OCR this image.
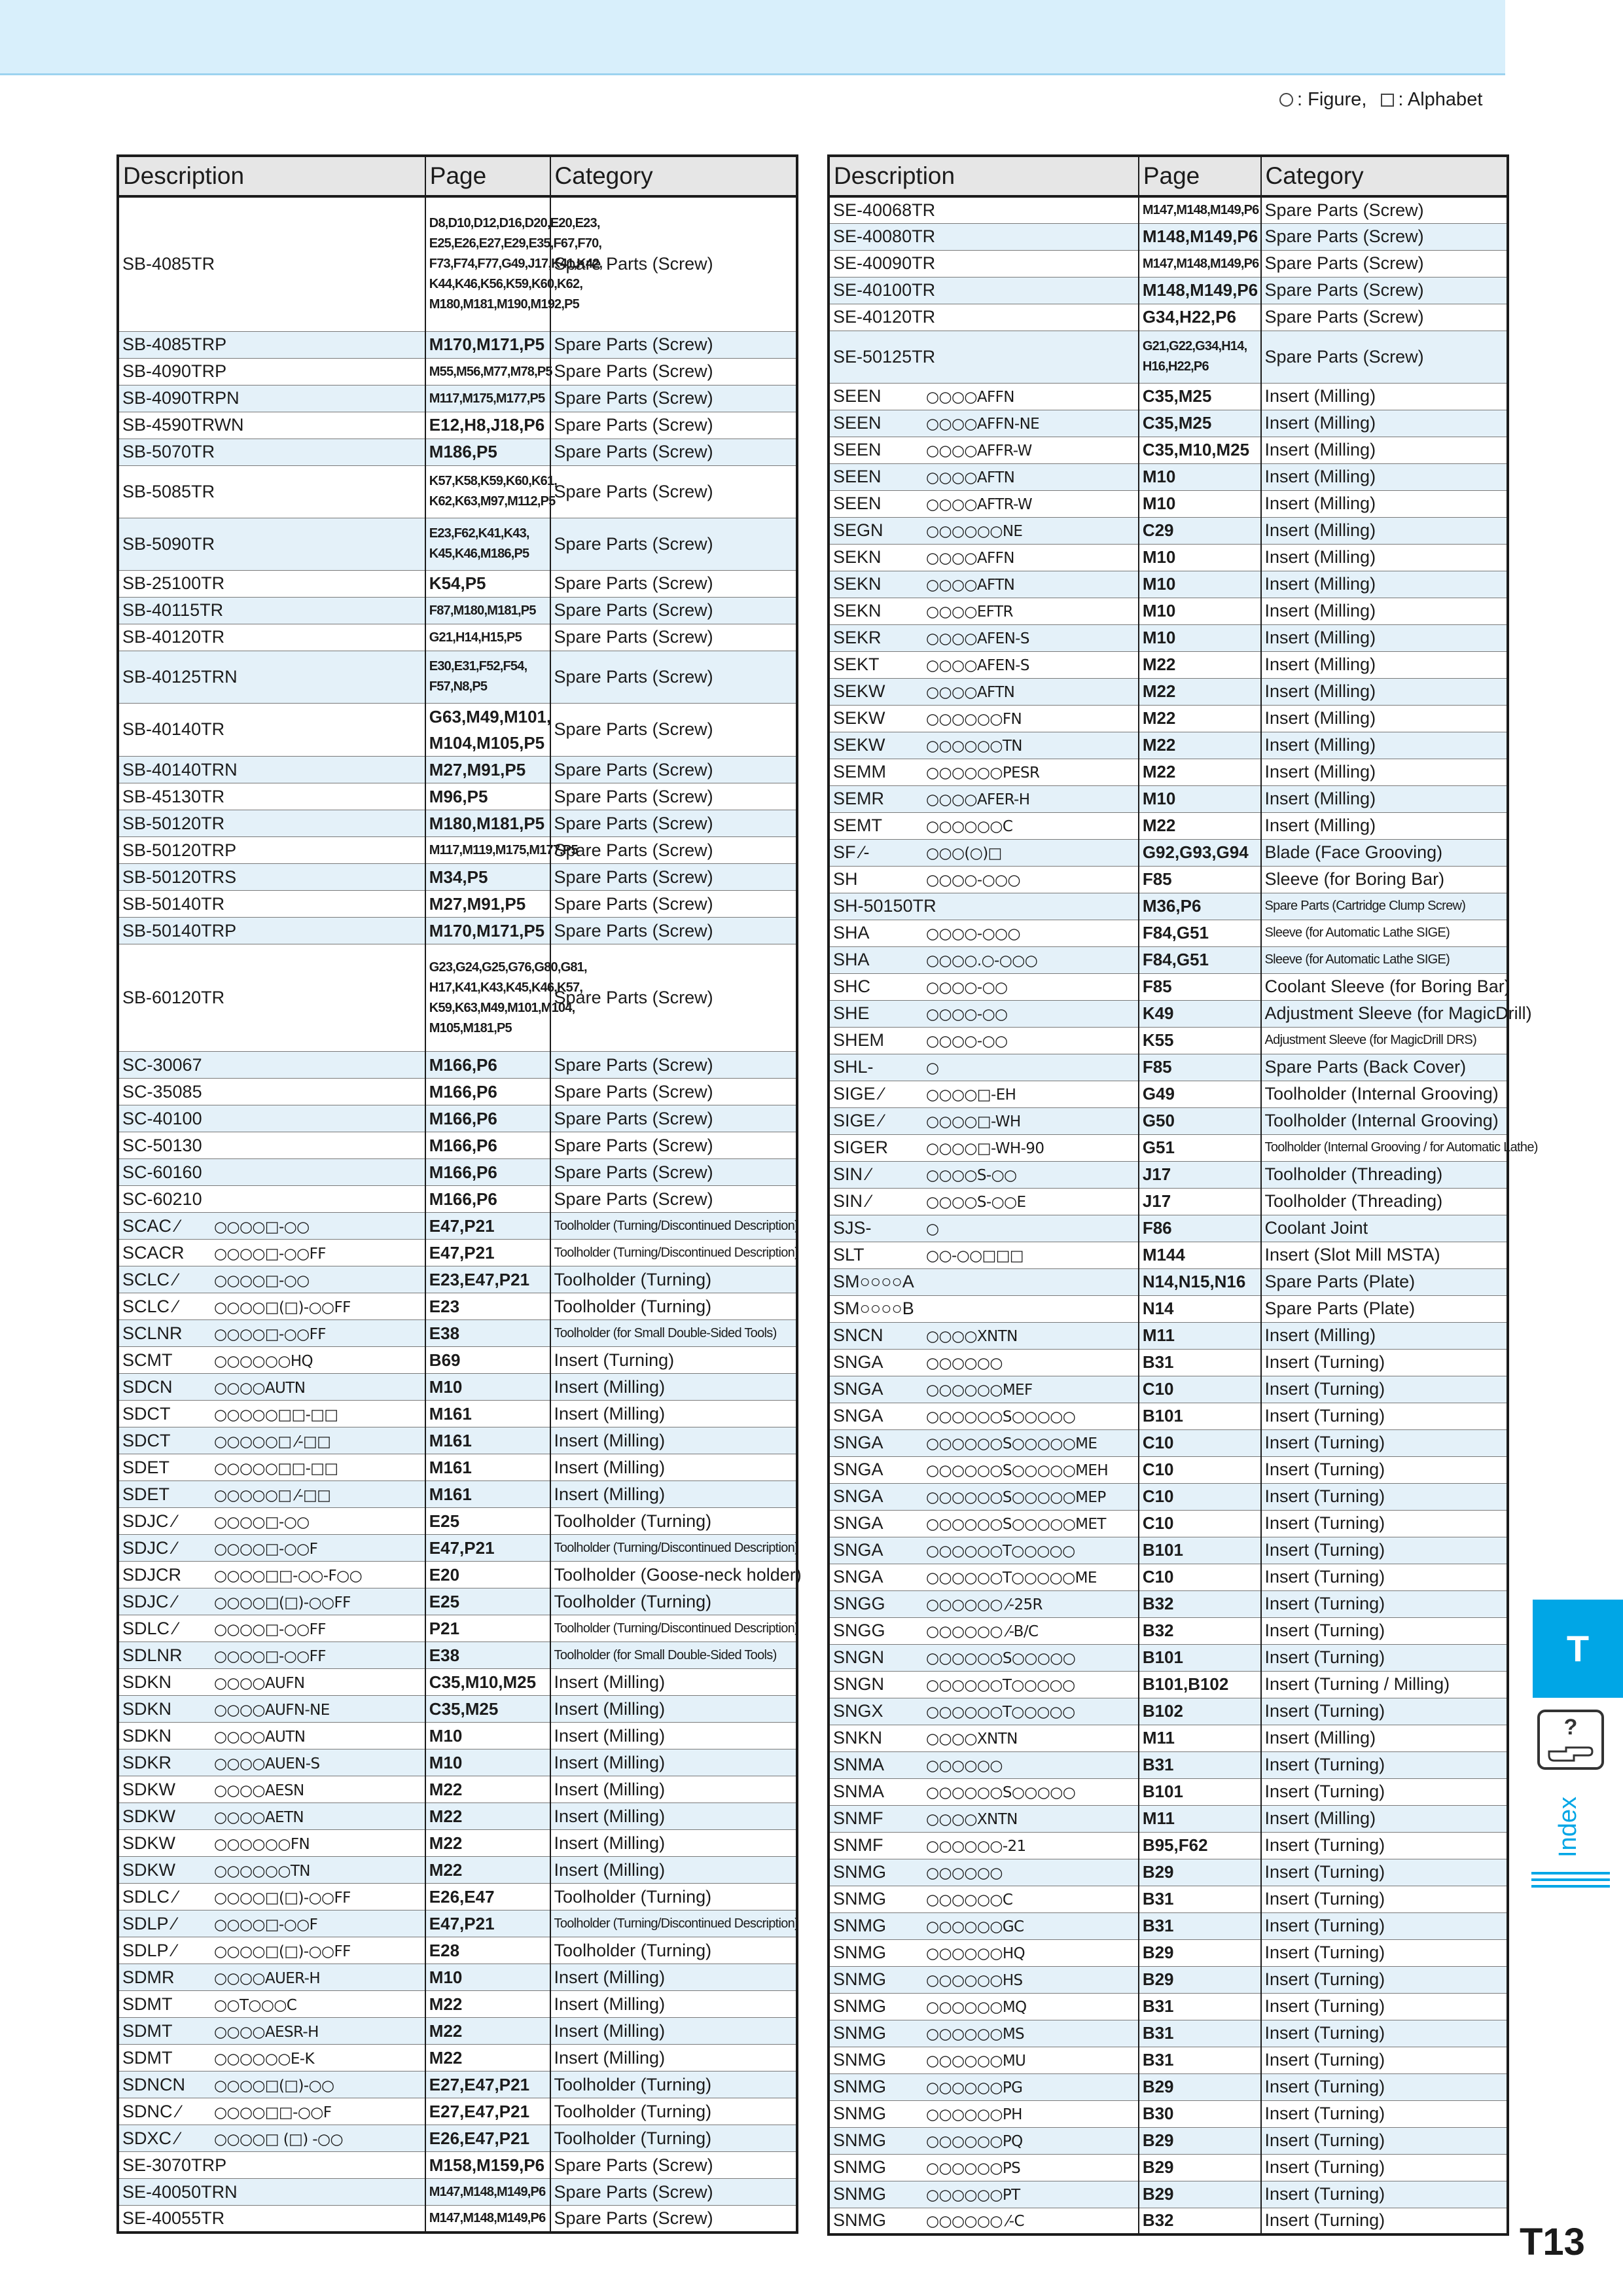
: Figure, : Alphabet
Description	Page	Category
SB-4085TR	D8,D10,D12,D16,D20,E20,E23,
E25,E26,E27,E29,E35,F67,F70,
F73,F74,F77,G49,J17,K41,K42,
K44,K46,K56,K59,K60,K62,
M180,M181,M190,M192,P5	Spare Parts (Screw)
SB-4085TRP	M170,M171,P5	Spare Parts (Screw)
SB-4090TRP	M55,M56,M77,M78,P5	Spare Parts (Screw)
SB-4090TRPN	M117,M175,M177,P5	Spare Parts (Screw)
SB-4590TRWN	E12,H8,J18,P6	Spare Parts (Screw)
SB-5070TR	M186,P5	Spare Parts (Screw)
SB-5085TR	K57,K58,K59,K60,K61,
K62,K63,M97,M112,P5	Spare Parts (Screw)
SB-5090TR	E23,F62,K41,K43,
K45,K46,M186,P5	Spare Parts (Screw)
SB-25100TR	K54,P5	Spare Parts (Screw)
SB-40115TR	F87,M180,M181,P5	Spare Parts (Screw)
SB-40120TR	G21,H14,H15,P5	Spare Parts (Screw)
SB-40125TRN	E30,E31,F52,F54,
F57,N8,P5	Spare Parts (Screw)
SB-40140TR	G63,M49,M101,
M104,M105,P5	Spare Parts (Screw)
SB-40140TRN	M27,M91,P5	Spare Parts (Screw)
SB-45130TR	M96,P5	Spare Parts (Screw)
SB-50120TR	M180,M181,P5	Spare Parts (Screw)
SB-50120TRP	M117,M119,M175,M177,P5	Spare Parts (Screw)
SB-50120TRS	M34,P5	Spare Parts (Screw)
SB-50140TR	M27,M91,P5	Spare Parts (Screw)
SB-50140TRP	M170,M171,P5	Spare Parts (Screw)
SB-60120TR	G23,G24,G25,G76,G80,G81,
H17,K41,K43,K45,K46,K57,
K59,K63,M49,M101,M104,
M105,M181,P5	Spare Parts (Screw)
SC-30067	M166,P6	Spare Parts (Screw)
SC-35085	M166,P6	Spare Parts (Screw)
SC-40100	M166,P6	Spare Parts (Screw)
SC-50130	M166,P6	Spare Parts (Screw)
SC-60160	M166,P6	Spare Parts (Screw)
SC-60210	M166,P6	Spare Parts (Screw)
SCAC ⁄ ○○○○□-○○	E47,P21	Toolholder (Turning/Discontinued Description)
SCACR ○○○○□-○○FF	E47,P21	Toolholder (Turning/Discontinued Description)
SCLC ⁄ ○○○○□-○○	E23,E47,P21	Toolholder (Turning)
SCLC ⁄ ○○○○□(□)-○○FF	E23	Toolholder (Turning)
SCLNR ○○○○□-○○FF	E38	Toolholder (for Small Double-Sided Tools)
SCMT ○○○○○○HQ	B69	Insert (Turning)
SDCN ○○○○AUTN	M10	Insert (Milling)
SDCT ○○○○○□□-□□	M161	Insert (Milling)
SDCT ○○○○○□ ⁄-□□	M161	Insert (Milling)
SDET ○○○○○□□-□□	M161	Insert (Milling)
SDET ○○○○○□ ⁄-□□	M161	Insert (Milling)
SDJC ⁄ ○○○○□-○○	E25	Toolholder (Turning)
SDJC ⁄ ○○○○□-○○F	E47,P21	Toolholder (Turning/Discontinued Description)
SDJCR ○○○○□□-○○-F○○	E20	Toolholder (Goose-neck holder)
SDJC ⁄ ○○○○□(□)-○○FF	E25	Toolholder (Turning)
SDLC ⁄ ○○○○□-○○FF	P21	Toolholder (Turning/Discontinued Description)
SDLNR ○○○○□-○○FF	E38	Toolholder (for Small Double-Sided Tools)
SDKN ○○○○AUFN	C35,M10,M25	Insert (Milling)
SDKN ○○○○AUFN-NE	C35,M25	Insert (Milling)
SDKN ○○○○AUTN	M10	Insert (Milling)
SDKR ○○○○AUEN-S	M10	Insert (Milling)
SDKW ○○○○AESN	M22	Insert (Milling)
SDKW ○○○○AETN	M22	Insert (Milling)
SDKW ○○○○○○FN	M22	Insert (Milling)
SDKW ○○○○○○TN	M22	Insert (Milling)
SDLC ⁄ ○○○○□(□)-○○FF	E26,E47	Toolholder (Turning)
SDLP ⁄ ○○○○□-○○F	E47,P21	Toolholder (Turning/Discontinued Description)
SDLP ⁄ ○○○○□(□)-○○FF	E28	Toolholder (Turning)
SDMR ○○○○AUER-H	M10	Insert (Milling)
SDMT ○○T○○○C	M22	Insert (Milling)
SDMT ○○○○AESR-H	M22	Insert (Milling)
SDMT ○○○○○○E-K	M22	Insert (Milling)
SDNCN ○○○○□(□)-○○	E27,E47,P21	Toolholder (Turning)
SDNC ⁄ ○○○○□□-○○F	E27,E47,P21	Toolholder (Turning)
SDXC ⁄ ○○○○□ (□) -○○	E26,E47,P21	Toolholder (Turning)
SE-3070TRP	M158,M159,P6	Spare Parts (Screw)
SE-40050TRN	M147,M148,M149,P6	Spare Parts (Screw)
SE-40055TR	M147,M148,M149,P6	Spare Parts (Screw)
Description	Page	Category
SE-40068TR	M147,M148,M149,P6	Spare Parts (Screw)
SE-40080TR	M148,M149,P6	Spare Parts (Screw)
SE-40090TR	M147,M148,M149,P6	Spare Parts (Screw)
SE-40100TR	M148,M149,P6	Spare Parts (Screw)
SE-40120TR	G34,H22,P6	Spare Parts (Screw)
SE-50125TR	G21,G22,G34,H14,
H16,H22,P6	Spare Parts (Screw)
SEEN ○○○○AFFN	C35,M25	Insert (Milling)
SEEN ○○○○AFFN-NE	C35,M25	Insert (Milling)
SEEN ○○○○AFFR-W	C35,M10,M25	Insert (Milling)
SEEN ○○○○AFTN	M10	Insert (Milling)
SEEN ○○○○AFTR-W	M10	Insert (Milling)
SEGN ○○○○○○NE	C29	Insert (Milling)
SEKN ○○○○AFFN	M10	Insert (Milling)
SEKN ○○○○AFTN	M10	Insert (Milling)
SEKN ○○○○EFTR	M10	Insert (Milling)
SEKR ○○○○AFEN-S	M10	Insert (Milling)
SEKT ○○○○AFEN-S	M22	Insert (Milling)
SEKW ○○○○AFTN	M22	Insert (Milling)
SEKW ○○○○○○FN	M22	Insert (Milling)
SEKW ○○○○○○TN	M22	Insert (Milling)
SEMM ○○○○○○PESR	M22	Insert (Milling)
SEMR ○○○○AFER-H	M10	Insert (Milling)
SEMT ○○○○○○C	M22	Insert (Milling)
SF ⁄- ○○○(○)□	G92,G93,G94	Blade (Face Grooving)
SH ○○○○-○○○	F85	Sleeve (for Boring Bar)
SH-50150TR	M36,P6	Spare Parts (Cartridge Clump Screw)
SHA ○○○○-○○○	F84,G51	Sleeve (for Automatic Lathe SIGE)
SHA ○○○○.○-○○○	F84,G51	Sleeve (for Automatic Lathe SIGE)
SHC ○○○○-○○	F85	Coolant Sleeve (for Boring Bar)
SHE ○○○○-○○	K49	Adjustment Sleeve (for MagicDrill)
SHEM ○○○○-○○	K55	Adjustment Sleeve (for MagicDrill DRS)
SHL- ○	F85	Spare Parts (Back Cover)
SIGE ⁄ ○○○○□-EH	G49	Toolholder (Internal Grooving)
SIGE ⁄ ○○○○□-WH	G50	Toolholder (Internal Grooving)
SIGER ○○○○□-WH-90	G51	Toolholder (Internal Grooving / for Automatic Lathe)
SIN ⁄ ○○○○S-○○	J17	Toolholder (Threading)
SIN ⁄ ○○○○S-○○E	J17	Toolholder (Threading)
SJS- ○	F86	Coolant Joint
SLT ○○-○○□□□	M144	Insert (Slot Mill MSTA)
SM○○○○A	N14,N15,N16	Spare Parts (Plate)
SM○○○○B	N14	Spare Parts (Plate)
SNCN ○○○○XNTN	M11	Insert (Milling)
SNGA ○○○○○○	B31	Insert (Turning)
SNGA ○○○○○○MEF	C10	Insert (Turning)
SNGA ○○○○○○S○○○○○	B101	Insert (Turning)
SNGA ○○○○○○S○○○○○ME	C10	Insert (Turning)
SNGA ○○○○○○S○○○○○MEH	C10	Insert (Turning)
SNGA ○○○○○○S○○○○○MEP	C10	Insert (Turning)
SNGA ○○○○○○S○○○○○MET	C10	Insert (Turning)
SNGA ○○○○○○T○○○○○	B101	Insert (Turning)
SNGA ○○○○○○T○○○○○ME	C10	Insert (Turning)
SNGG ○○○○○○ ⁄-25R	B32	Insert (Turning)
SNGG ○○○○○○ ⁄-B/C	B32	Insert (Turning)
SNGN ○○○○○○S○○○○○	B101	Insert (Turning)
SNGN ○○○○○○T○○○○○	B101,B102	Insert (Turning / Milling)
SNGX ○○○○○○T○○○○○	B102	Insert (Turning)
SNKN ○○○○XNTN	M11	Insert (Milling)
SNMA ○○○○○○	B31	Insert (Turning)
SNMA ○○○○○○S○○○○○	B101	Insert (Turning)
SNMF ○○○○XNTN	M11	Insert (Milling)
SNMF ○○○○○○-21	B95,F62	Insert (Turning)
SNMG ○○○○○○	B29	Insert (Turning)
SNMG ○○○○○○C	B31	Insert (Turning)
SNMG ○○○○○○GC	B31	Insert (Turning)
SNMG ○○○○○○HQ	B29	Insert (Turning)
SNMG ○○○○○○HS	B29	Insert (Turning)
SNMG ○○○○○○MQ	B31	Insert (Turning)
SNMG ○○○○○○MS	B31	Insert (Turning)
SNMG ○○○○○○MU	B31	Insert (Turning)
SNMG ○○○○○○PG	B29	Insert (Turning)
SNMG ○○○○○○PH	B30	Insert (Turning)
SNMG ○○○○○○PQ	B29	Insert (Turning)
SNMG ○○○○○○PS	B29	Insert (Turning)
SNMG ○○○○○○PT	B29	Insert (Turning)
SNMG ○○○○○○ ⁄-C	B32	Insert (Turning)
T
?
Index
T13
